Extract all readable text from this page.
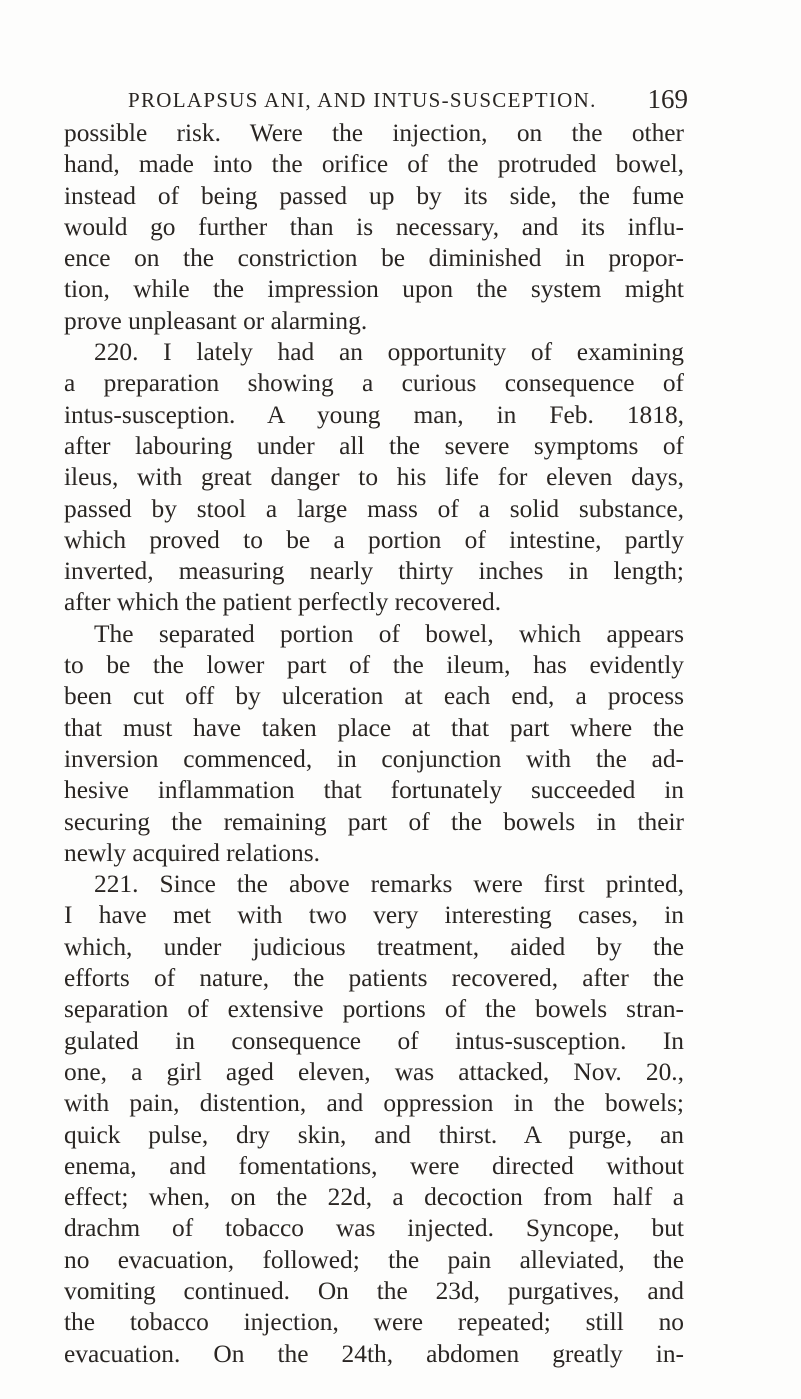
PROLAPSUS ANI, AND INTUS-SUSCEPTION. 169
possible risk. Were the injection, on the other
hand, made into the orifice of the protruded bowel,
instead of being passed up by its side, the fume
would go further than is necessary, and its influ-
ence on the constriction be diminished in propor-
tion, while the impression upon the system might
prove unpleasant or alarming.
220. I lately had an opportunity of examining
a preparation showing a curious consequence of
intus-susception. A young man, in Feb. 1818,
after labouring under all the severe symptoms of
ileus, with great danger to his life for eleven days,
passed by stool a large mass of a solid substance,
which proved to be a portion of intestine, partly
inverted, measuring nearly thirty inches in length;
after which the patient perfectly recovered.
The separated portion of bowel, which appears
to be the lower part of the ileum, has evidently
been cut off by ulceration at each end, a process
that must have taken place at that part where the
inversion commenced, in conjunction with the ad-
hesive inflammation that fortunately succeeded in
securing the remaining part of the bowels in their
newly acquired relations.
221. Since the above remarks were first printed,
I have met with two very interesting cases, in
which, under judicious treatment, aided by the
efforts of nature, the patients recovered, after the
separation of extensive portions of the bowels stran-
gulated in consequence of intus-susception. In
one, a girl aged eleven, was attacked, Nov. 20.,
with pain, distention, and oppression in the bowels;
quick pulse, dry skin, and thirst. A purge, an
enema, and fomentations, were directed without
effect; when, on the 22d, a decoction from half a
drachm of tobacco was injected. Syncope, but
no evacuation, followed; the pain alleviated, the
vomiting continued. On the 23d, purgatives, and
the tobacco injection, were repeated; still no
evacuation. On the 24th, abdomen greatly in-
